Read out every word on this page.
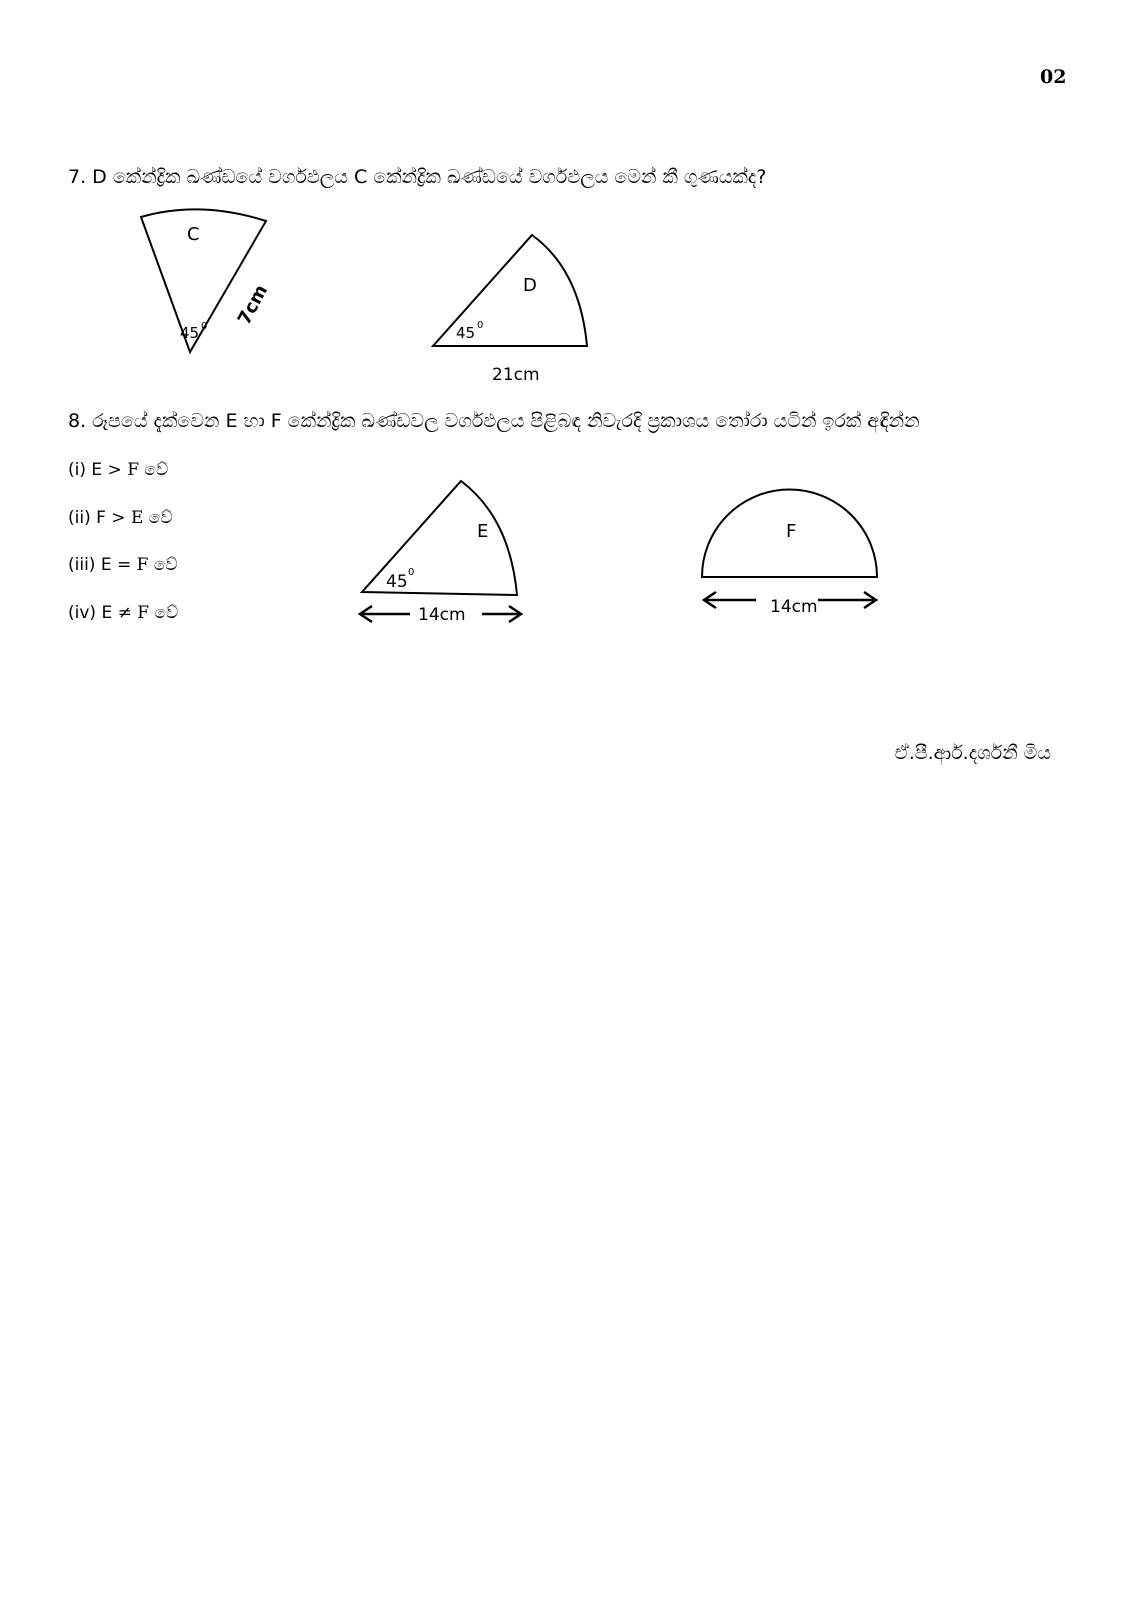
02
7. D කේන්ද්‍රික ඛණ්ඩයේ වර්ගඵලය C කේන්ද්‍රික ඛණ්ඩයේ වර්ගඵලය මෙන් කී ගුණයක්ද?
C
45 0 7cm	D
45 0
21cm
E
45 0
14cm
F
14cm
8. රූපයේ දැක්වෙන E හා F කේන්ද්‍රික ඛණ්ඩවල වර්ගඵලය පිළිබඳ නිවැරදි ප්‍රකාශය තෝරා යටින් ඉරක් අඳින්න
(i) E > F වේ
(ii) F > E වේ
(iii) E = F වේ
(iv) E ≠ F වේ
ඒ.පී.ආර්.දර්ශනී මිය
